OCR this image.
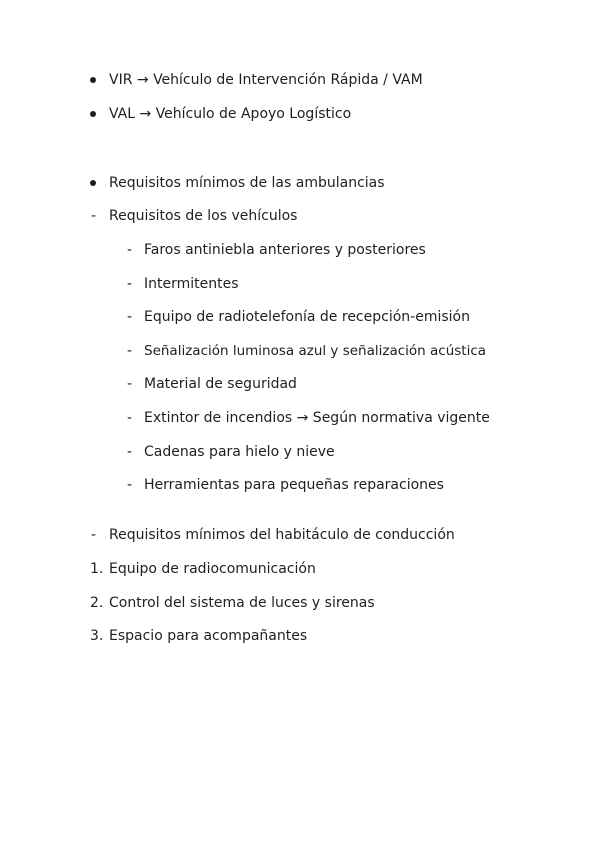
VIR → Vehículo de Intervención Rápida / VAM
VAL → Vehículo de Apoyo Logístico
Requisitos mínimos de las ambulancias
- Requisitos de los vehículos
- Faros antiniebla anteriores y posteriores
- Intermitentes
- Equipo de radiotelefonía de recepción-emisión
- Señalización luminosa azul y señalización acústica
- Material de seguridad
- Extintor de incendios → Según normativa vigente
- Cadenas para hielo y nieve
- Herramientas para pequeñas reparaciones
- Requisitos mínimos del habitáculo de conducción
1. Equipo de radiocomunicación
2. Control del sistema de luces y sirenas
3. Espacio para acompañantes
